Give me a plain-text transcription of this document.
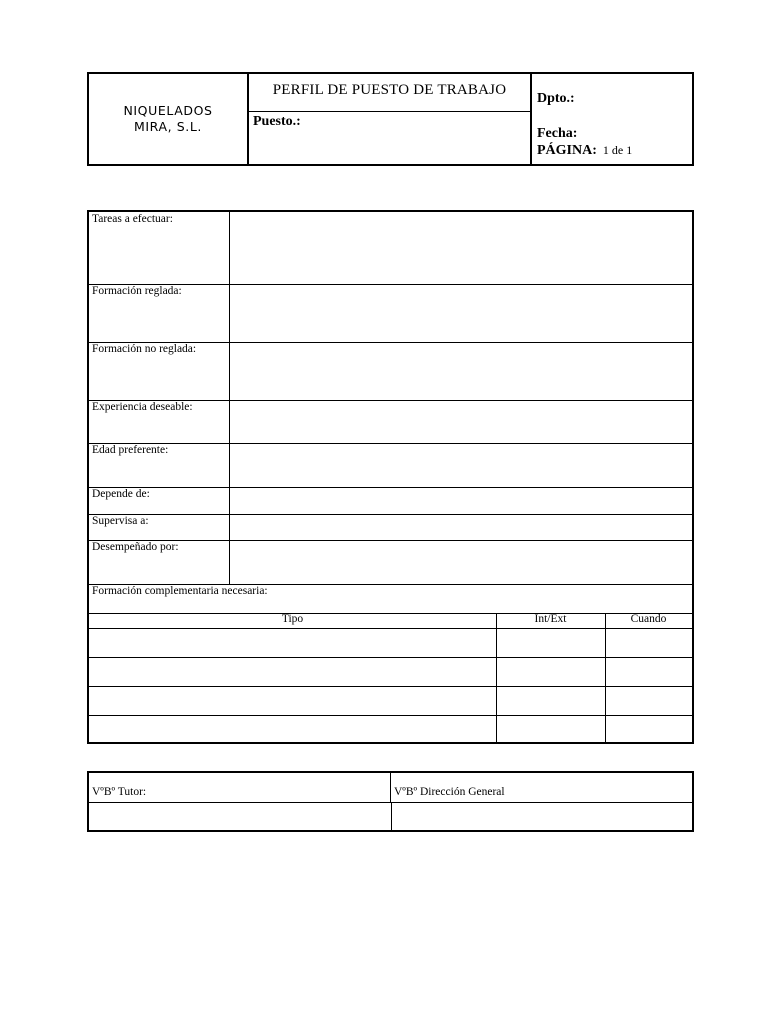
NIQUELADOS
MIRA, S.L.
PERFIL DE PUESTO DE TRABAJO
Puesto.:
Dpto.:
Fecha:
PÁGINA: 1 de 1
Tareas a efectuar:
Formación reglada:
Formación no reglada:
Experiencia deseable:
Edad preferente:
Depende de:
Supervisa a:
Desempeñado por:
Formación complementaria necesaria:
Tipo	Int/Ext	Cuando
VºBº Tutor:	VºBº Dirección General
